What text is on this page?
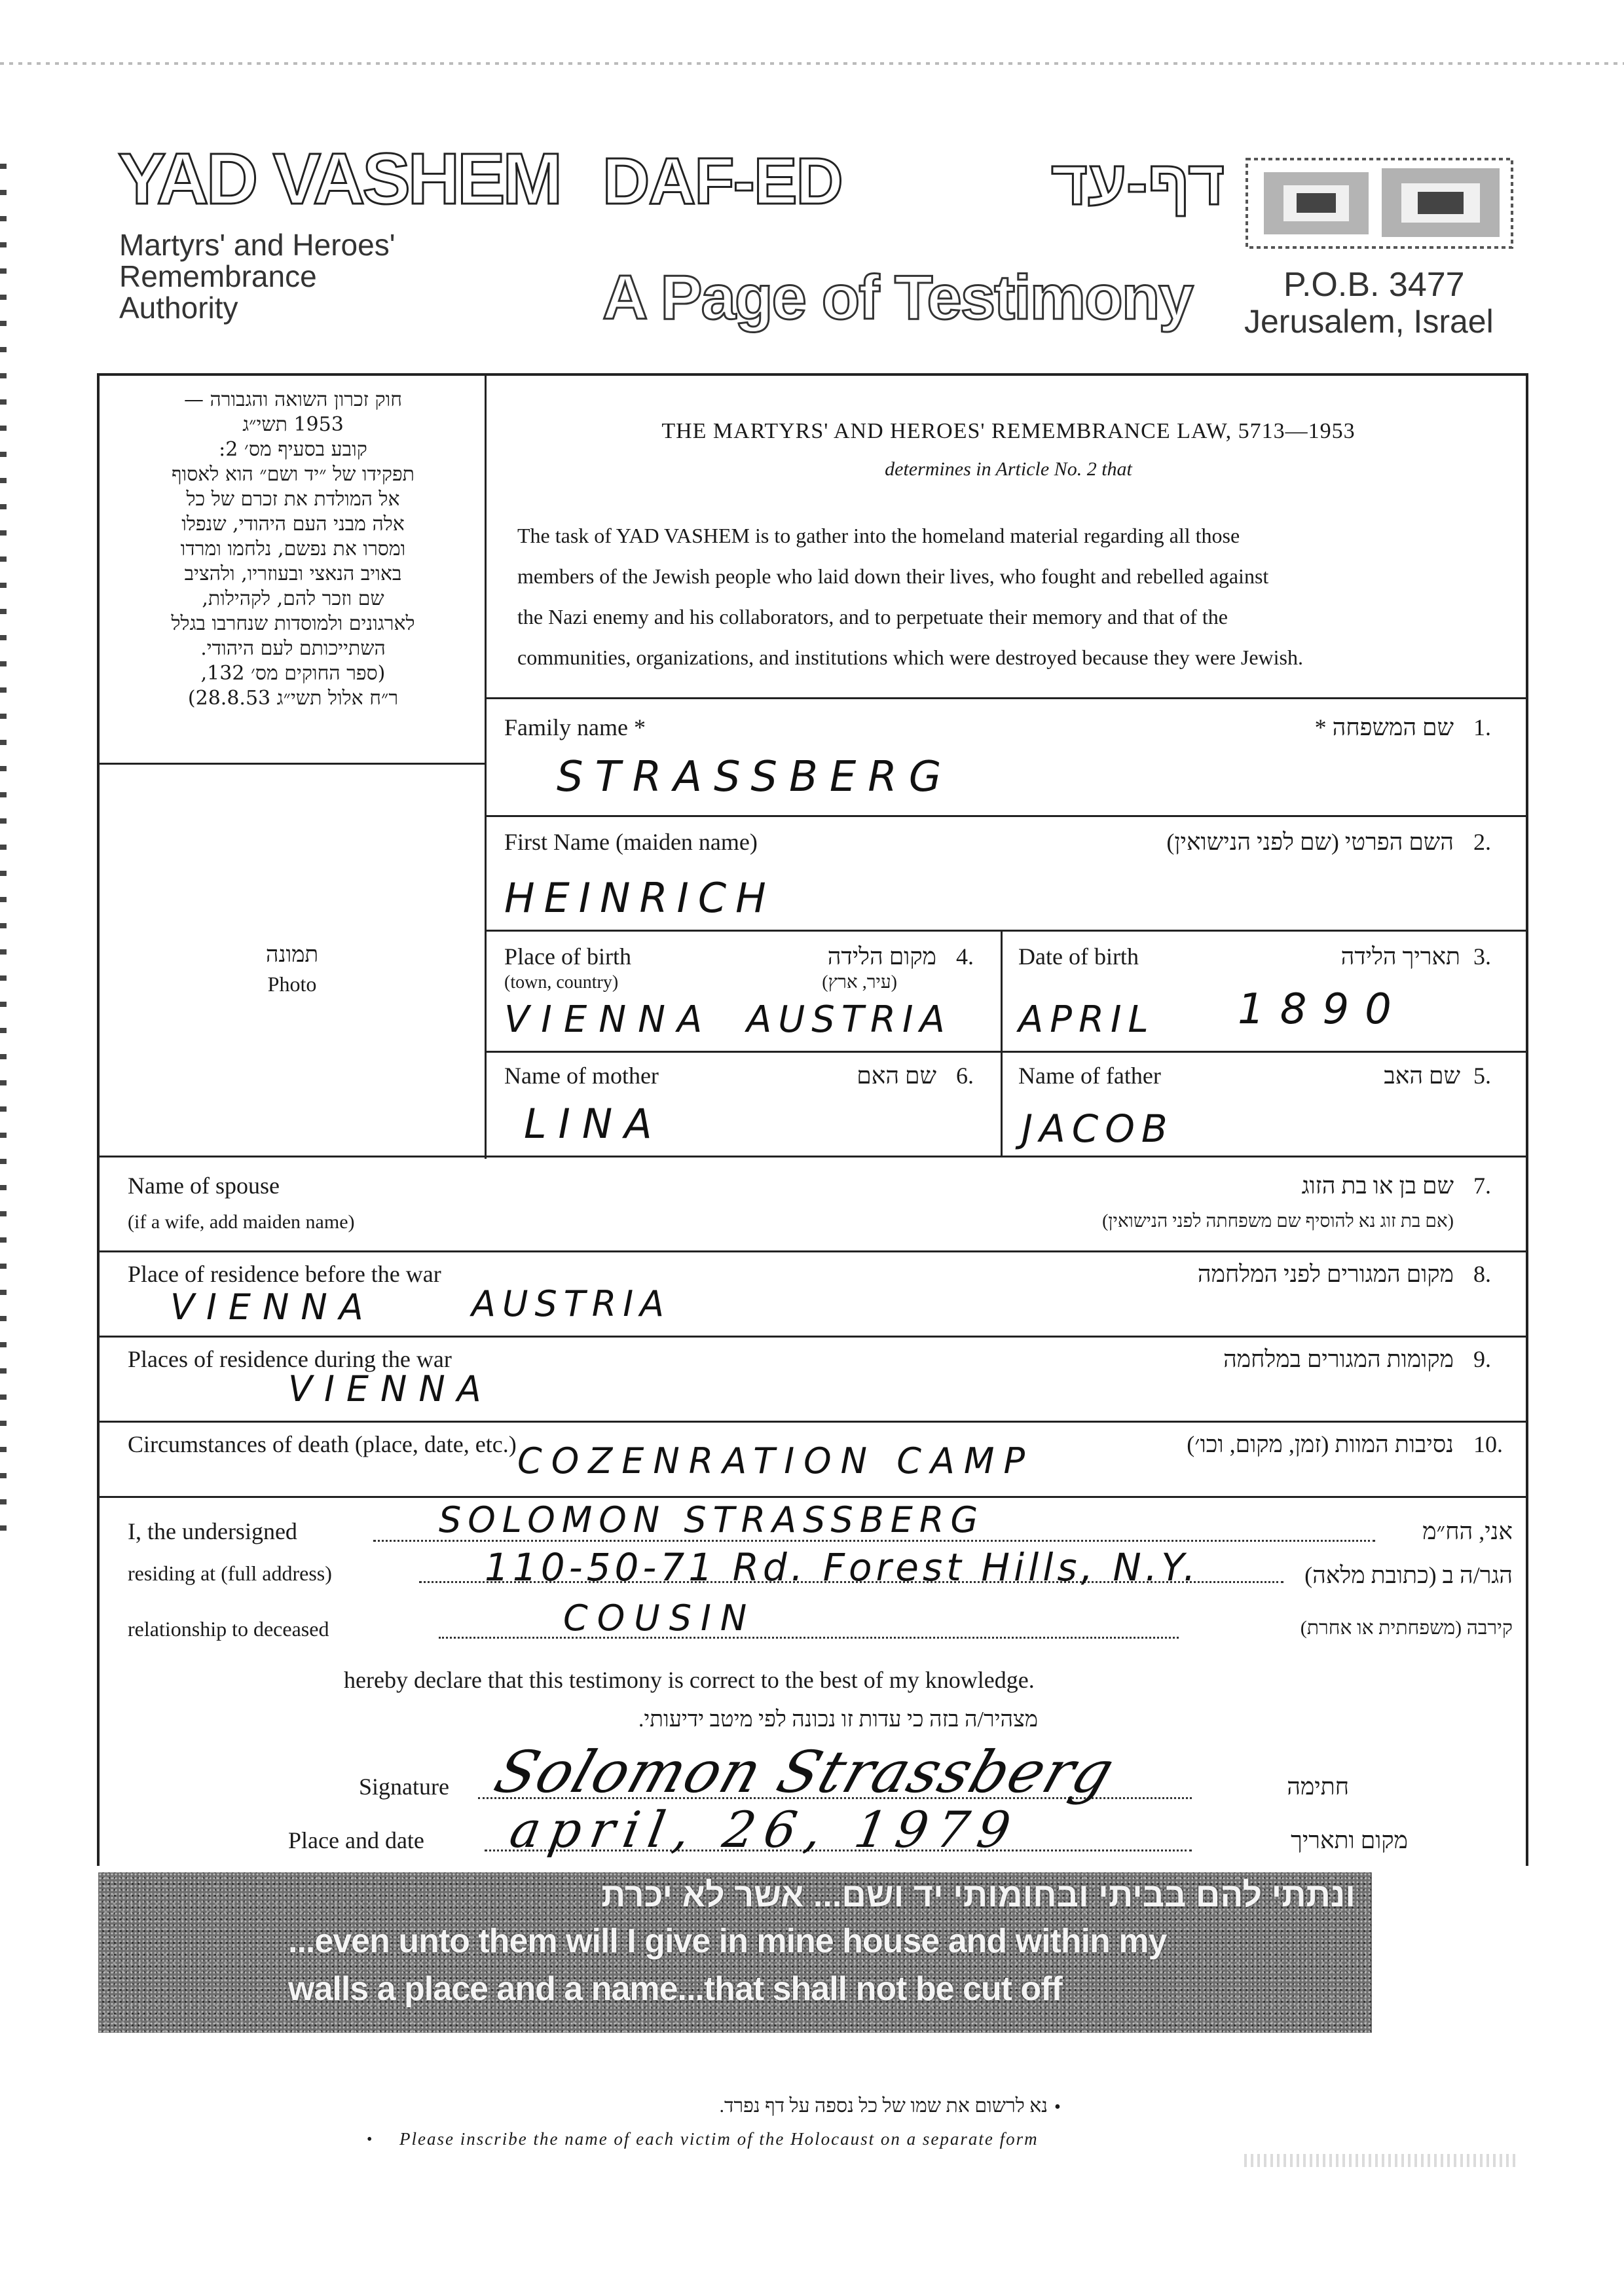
YAD VASHEM
Martyrs' and Heroes'
Remembrance
Authority
DAF-ED	דף-עד
A Page of Testimony	P.O.B. 3477
Jerusalem, Israel
חוק זכרון השואה והגבורה —
1953 תשי״ג
קובע בסעיף מס׳ 2:
תפקידו של ״יד ושם״ הוא לאסוף
אל המולדת את זכרם של כל
אלה מבני העם היהודי, שנפלו
ומסרו את נפשם, נלחמו ומרדו
באויב הנאצי ובעוזריו, ולהציב
שם וזכר להם, לקהילות,
לארגונים ולמוסדות שנחרבו בגלל
השתייכותם לעם היהודי.
(ספר החוקים מס׳ 132,
ר״ח אלול תשי״ג 28.8.53)
תמונה
Photo
THE MARTYRS' AND HEROES' REMEMBRANCE LAW, 5713—1953
determines in Article No. 2 that
The task of YAD VASHEM is to gather into the homeland material regarding all those
members of the Jewish people who laid down their lives, who fought and rebelled against
the Nazi enemy and his collaborators, and to perpetuate their memory and that of the
communities, organizations, and institutions which were destroyed because they were Jewish.
Family name *	שם המשפחה * 1.
STRASSBERG
First Name (maiden name)	השם הפרטי (שם לפני הנישואין) 2.
HEINRICH
Place of birth
(town, country)
מקום הלידה
(עיר, ארץ)
4.
VIENNA AUSTRIA
Date of birth	תאריך הלידה 3.
APRIL 1890
Name of mother	שם האם 6.
LINA
Name of father	שם האב 5.
JACOB
Name of spouse
(if a wife, add maiden name)
שם בן או בת הזוג
(אם בת זוג נא להוסיף שם משפחתה לפני הנישואין)
7.
Place of residence before the war	מקום המגורים לפני המלחמה 8.
VIENNA	AUSTRIA
Places of residence during the war	מקומות המגורים במלחמה 9.
VIENNA
Circumstances of death (place, date, etc.)	נסיבות המוות (זמן, מקום, וכו׳) 10.
COZENRATION CAMP
I, the undersigned	SOLOMON STRASSBERG	אני, הח״מ
residing at (full address)	110-50-71 Rd. Forest Hills, N.Y.	הגר/ה ב (כתובת מלאה)
relationship to deceased	COUSIN	קירבה (משפחתית או אחרת)
hereby declare that this testimony is correct to the best of my knowledge.
מצהיר/ה בזה כי עדות זו נכונה לפי מיטב ידיעותי.
Signature Solomon Strassberg	חתימה
Place and date april, 26, 1979	מקום ותאריך
ונתתי להם בביתי ובחומותי יד ושם... אשר לא יכרת
...even unto them will I give in mine house and within my
walls a place and a name...that shall not be cut off
•
נא לרשום את שמו של כל נספה על דף נפרד.
• Please inscribe the name of each victim of the Holocaust on a separate form
